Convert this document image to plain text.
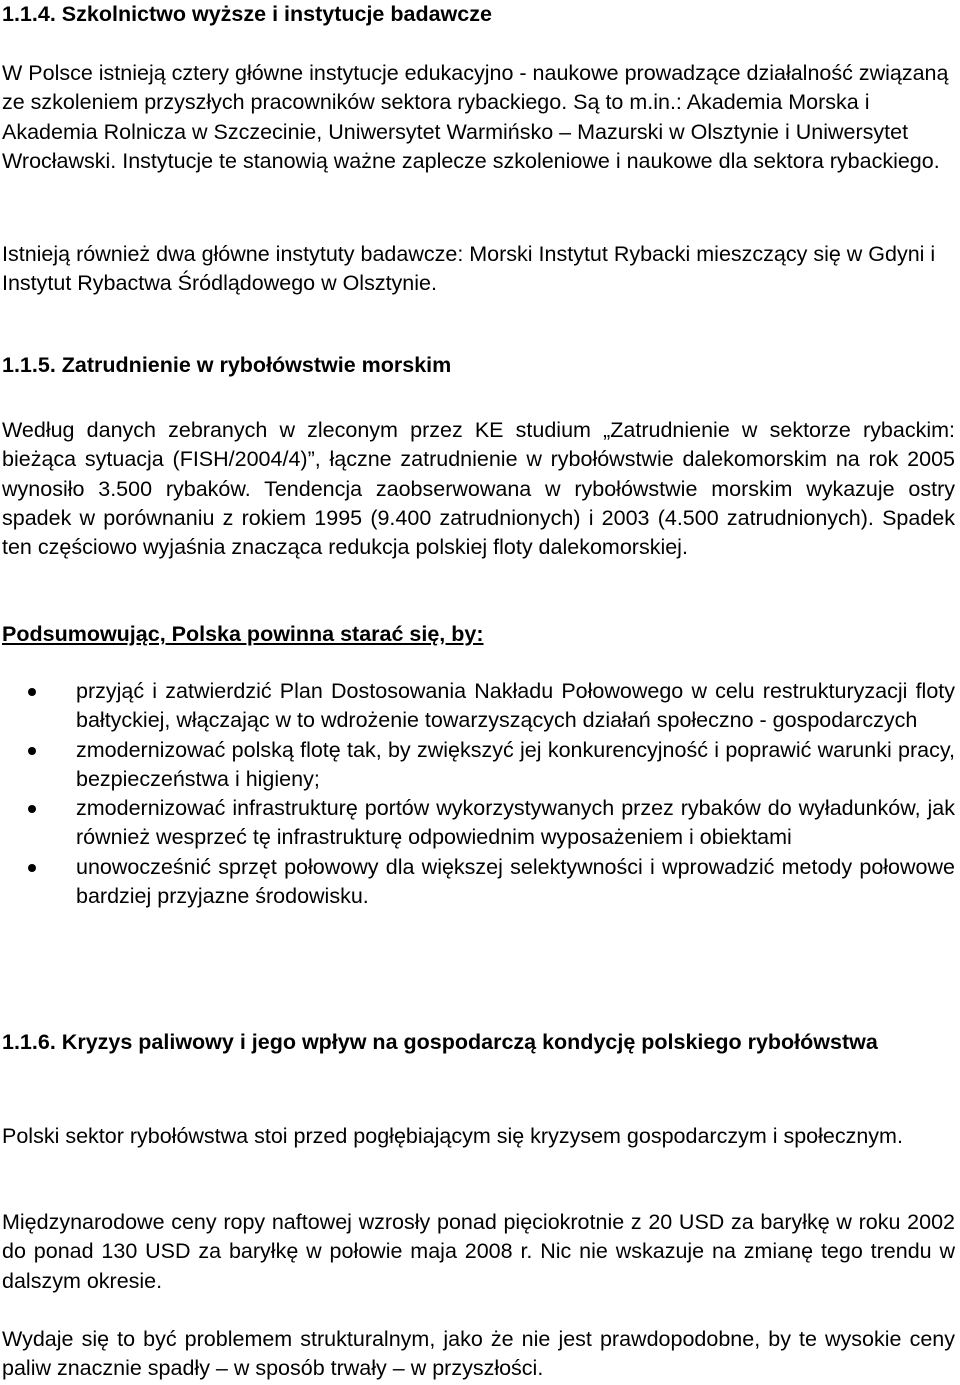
1.1.4. Szkolnictwo wyższe i instytucje badawcze

W Polsce istnieją cztery główne instytucje edukacyjno - naukowe prowadzące działalność związaną ze szkoleniem przyszłych pracowników sektora rybackiego. Są to m.in.: Akademia Morska i Akademia Rolnicza w Szczecinie, Uniwersytet Warmińsko – Mazurski w Olsztynie i Uniwersytet Wrocławski. Instytucje te stanowią ważne zaplecze szkoleniowe i naukowe dla sektora rybackiego.

Istnieją również dwa główne instytuty badawcze: Morski Instytut Rybacki mieszczący się w Gdyni i Instytut Rybactwa Śródlądowego w Olsztynie.

1.1.5. Zatrudnienie w rybołówstwie morskim

Według danych zebranych w zleconym przez KE studium „Zatrudnienie w sektorze rybackim: bieżąca sytuacja (FISH/2004/4)”, łączne zatrudnienie w rybołówstwie dalekomorskim na rok 2005 wynosiło 3.500 rybaków. Tendencja zaobserwowana w rybołówstwie morskim wykazuje ostry spadek w porównaniu z rokiem 1995 (9.400 zatrudnionych) i 2003 (4.500 zatrudnionych). Spadek ten częściowo wyjaśnia znacząca redukcja polskiej floty dalekomorskiej.

Podsumowując, Polska powinna starać się, by:

przyjąć i zatwierdzić Plan Dostosowania Nakładu Połowowego w celu restrukturyzacji floty bałtyckiej, włączając w to wdrożenie towarzyszących działań społeczno - gospodarczych
zmodernizować polską flotę tak, by zwiększyć jej konkurencyjność i poprawić warunki pracy, bezpieczeństwa i higieny;
zmodernizować infrastrukturę portów wykorzystywanych przez rybaków do wyładunków, jak również wesprzeć tę infrastrukturę odpowiednim wyposażeniem i obiektami
unowocześnić sprzęt połowowy dla większej selektywności i wprowadzić metody połowowe bardziej przyjazne środowisku.
1.1.6. Kryzys paliwowy i jego wpływ na gospodarczą kondycję polskiego rybołówstwa

Polski sektor rybołówstwa stoi przed pogłębiającym się kryzysem gospodarczym i społecznym.

Międzynarodowe ceny ropy naftowej wzrosły ponad pięciokrotnie z 20 USD za baryłkę w roku 2002 do ponad 130 USD za baryłkę w połowie maja 2008 r. Nic nie wskazuje na zmianę tego trendu w dalszym okresie.

Wydaje się to być problemem strukturalnym, jako że nie jest prawdopodobne, by te wysokie ceny paliw znacznie spadły – w sposób trwały – w przyszłości.
